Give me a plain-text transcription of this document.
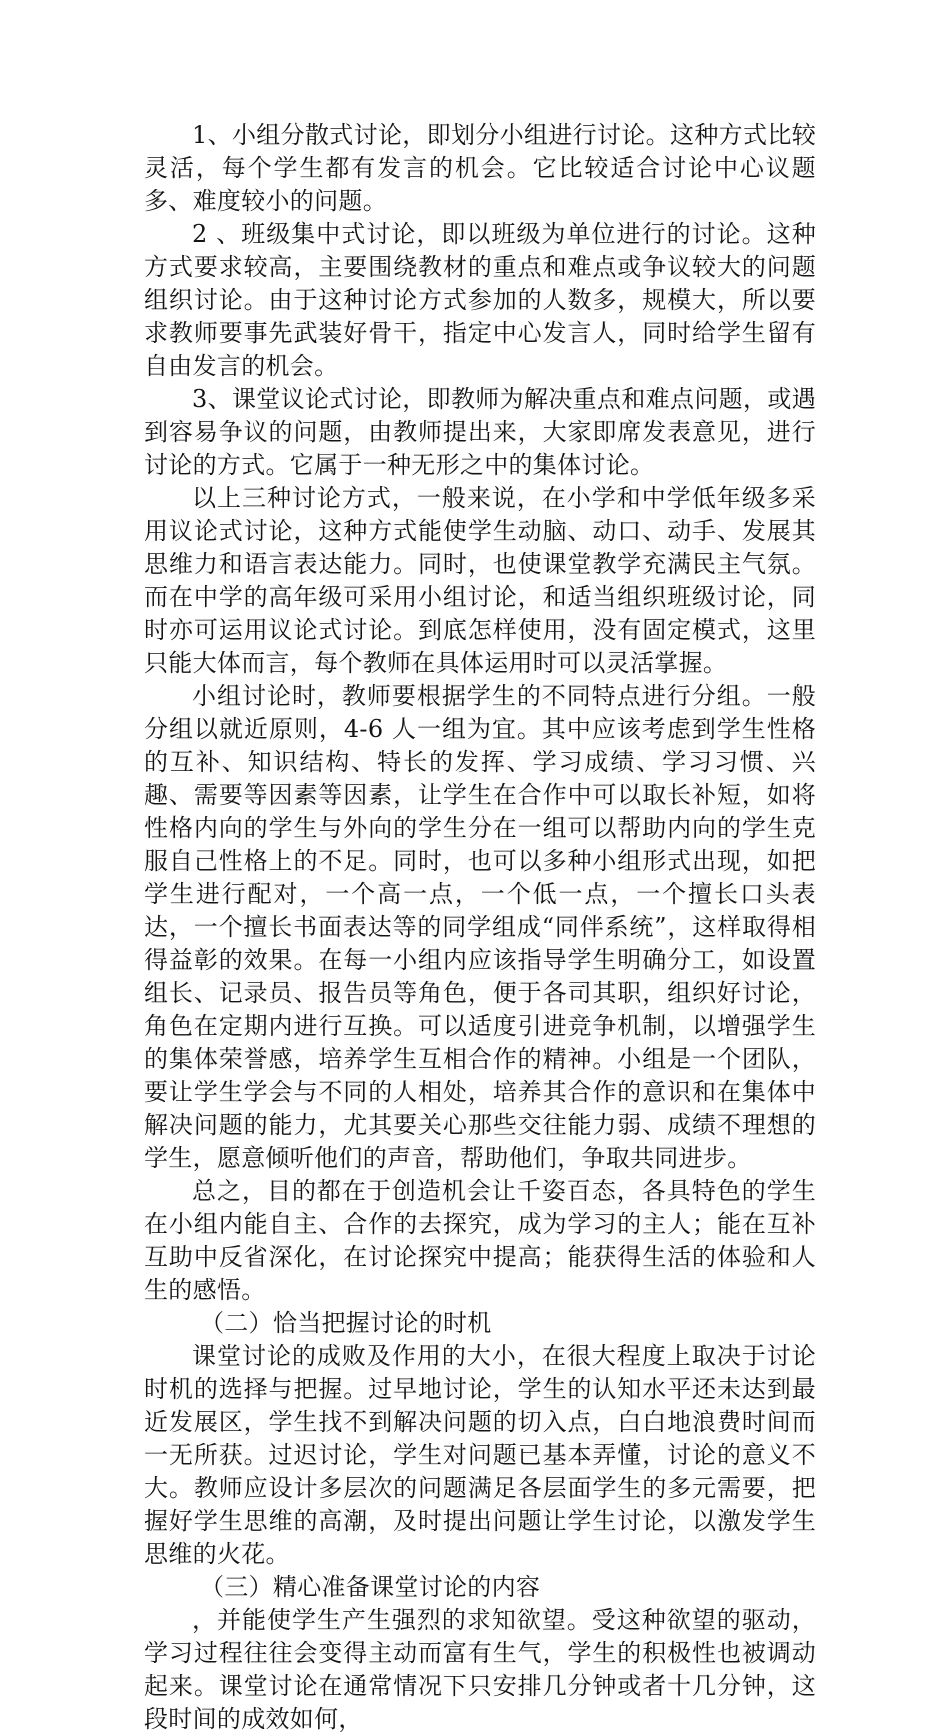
1、小组分散式讨论，即划分小组进行讨论。这种方式比较灵活，每个学生都有发言的机会。它比较适合讨论中心议题多、难度较小的问题。

2 、班级集中式讨论，即以班级为单位进行的讨论。这种方式要求较高，主要围绕教材的重点和难点或争议较大的问题组织讨论。由于这种讨论方式参加的人数多，规模大，所以要求教师要事先武装好骨干，指定中心发言人，同时给学生留有自由发言的机会。

3、课堂议论式讨论，即教师为解决重点和难点问题，或遇到容易争议的问题，由教师提出来，大家即席发表意见，进行讨论的方式。它属于一种无形之中的集体讨论。

以上三种讨论方式，一般来说，在小学和中学低年级多采用议论式讨论，这种方式能使学生动脑、动口、动手、发展其思维力和语言表达能力。同时，也使课堂教学充满民主气氛。而在中学的高年级可采用小组讨论，和适当组织班级讨论，同时亦可运用议论式讨论。到底怎样使用，没有固定模式，这里只能大体而言，每个教师在具体运用时可以灵活掌握。

小组讨论时，教师要根据学生的不同特点进行分组。一般分组以就近原则，4-6 人一组为宜。其中应该考虑到学生性格的互补、知识结构、特长的发挥、学习成绩、学习习惯、兴趣、需要等因素等因素，让学生在合作中可以取长补短，如将性格内向的学生与外向的学生分在一组可以帮助内向的学生克服自己性格上的不足。同时，也可以多种小组形式出现，如把学生进行配对，一个高一点，一个低一点，一个擅长口头表达，一个擅长书面表达等的同学组成“同伴系统”，这样取得相得益彰的效果。在每一小组内应该指导学生明确分工，如设置组长、记录员、报告员等角色，便于各司其职，组织好讨论，角色在定期内进行互换。可以适度引进竞争机制，以增强学生的集体荣誉感，培养学生互相合作的精神。小组是一个团队，要让学生学会与不同的人相处，培养其合作的意识和在集体中解决问题的能力，尤其要关心那些交往能力弱、成绩不理想的学生，愿意倾听他们的声音，帮助他们，争取共同进步。

总之，目的都在于创造机会让千姿百态，各具特色的学生在小组内能自主、合作的去探究，成为学习的主人；能在互补互助中反省深化，在讨论探究中提高；能获得生活的体验和人生的感悟。

（二）恰当把握讨论的时机

课堂讨论的成败及作用的大小，在很大程度上取决于讨论时机的选择与把握。过早地讨论，学生的认知水平还未达到最近发展区，学生找不到解决问题的切入点，白白地浪费时间而一无所获。过迟讨论，学生对问题已基本弄懂，讨论的意义不大。教师应设计多层次的问题满足各层面学生的多元需要，把握好学生思维的高潮，及时提出问题让学生讨论，以激发学生思维的火花。

（三）精心准备课堂讨论的内容

，并能使学生产生强烈的求知欲望。受这种欲望的驱动，学习过程往往会变得主动而富有生气，学生的积极性也被调动起来。课堂讨论在通常情况下只安排几分钟或者十几分钟，这段时间的成效如何，
